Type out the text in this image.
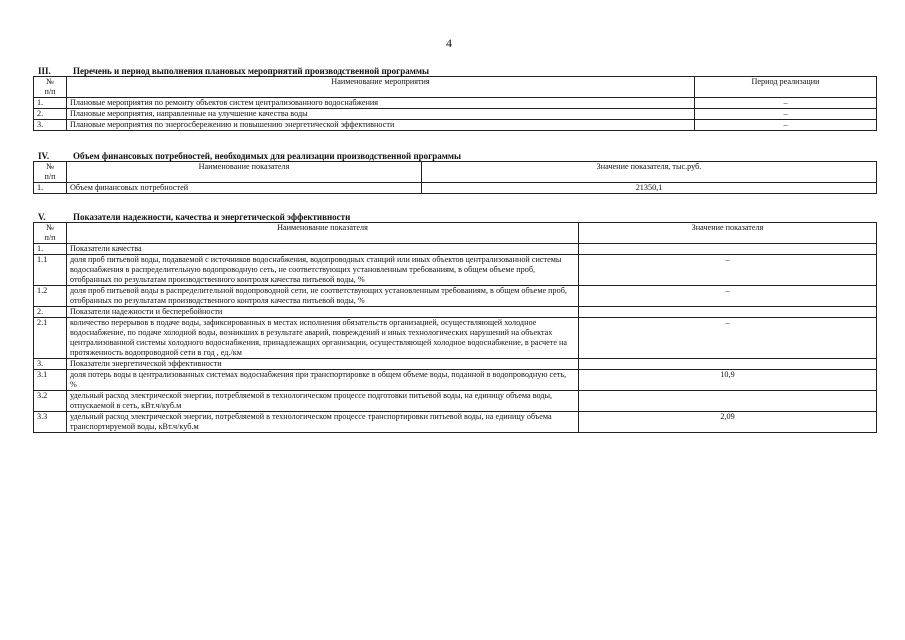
4
III. Перечень и период выполнения плановых мероприятий производственной программы
№
п/п	Наименование мероприятия	Период реализации
1.	Плановые мероприятия по ремонту объектов систем централизованного водоснабжения	–
2.	Плановые мероприятия, направленные на улучшение качества воды	–
3.	Плановые мероприятия по энергосбережению и повышению энергетической эффективности	–
IV.	Объем финансовых потребностей, необходимых для реализации производственной программы
№
п/п	Наименование показателя	Значение показателя, тыс.руб.
1.	Объем финансовых потребностей	21350,1
V.	Показатели надежности, качества и энергетической эффективности
№
п/п	Наименование показателя	Значение показателя
1.	Показатели качества	
1.1	доля проб питьевой воды, подаваемой с источников водоснабжения, водопроводных станций или иных объектов централизованной системы водоснабжения в распределительную водопроводную сеть, не соответствующих установленным требованиям, в общем объеме проб, отобранных по результатам производственного контроля качества питьевой воды, %	–
1.2	доля проб питьевой воды в распределительной водопроводной сети, не соответствующих установленным требованиям, в общем объеме проб, отобранных по результатам производственного контроля качества питьевой воды, %	–
2.	Показатели надежности и бесперебойности	
2.1	количество перерывов в подаче воды, зафиксированных в местах исполнения обязательств организацией, осуществляющей холодное водоснабжение, по подаче холодной воды, возникших в результате аварий, повреждений и иных технологических нарушений на объектах централизованной системы холодного водоснабжения, принадлежащих организации, осуществляющей холодное водоснабжение, в расчете на протяженность водопроводной сети в год , ед./км	–
3.	Показатели энергетической эффективности	
3.1	доля потерь воды в централизованных системах водоснабжения при транспортировке в общем объеме воды, поданной в водопроводную сеть, %	10,9
3.2	удельный расход электрической энергии, потребляемой в технологическом процессе подготовки питьевой воды, на единицу объема воды, отпускаемой в сеть, кВт.ч/куб.м	
3.3	удельный расход электрической энергии, потребляемой в технологическом процессе транспортировки питьевой воды, на единицу объема транспортируемой воды, кВт.ч/куб.м	2,09
